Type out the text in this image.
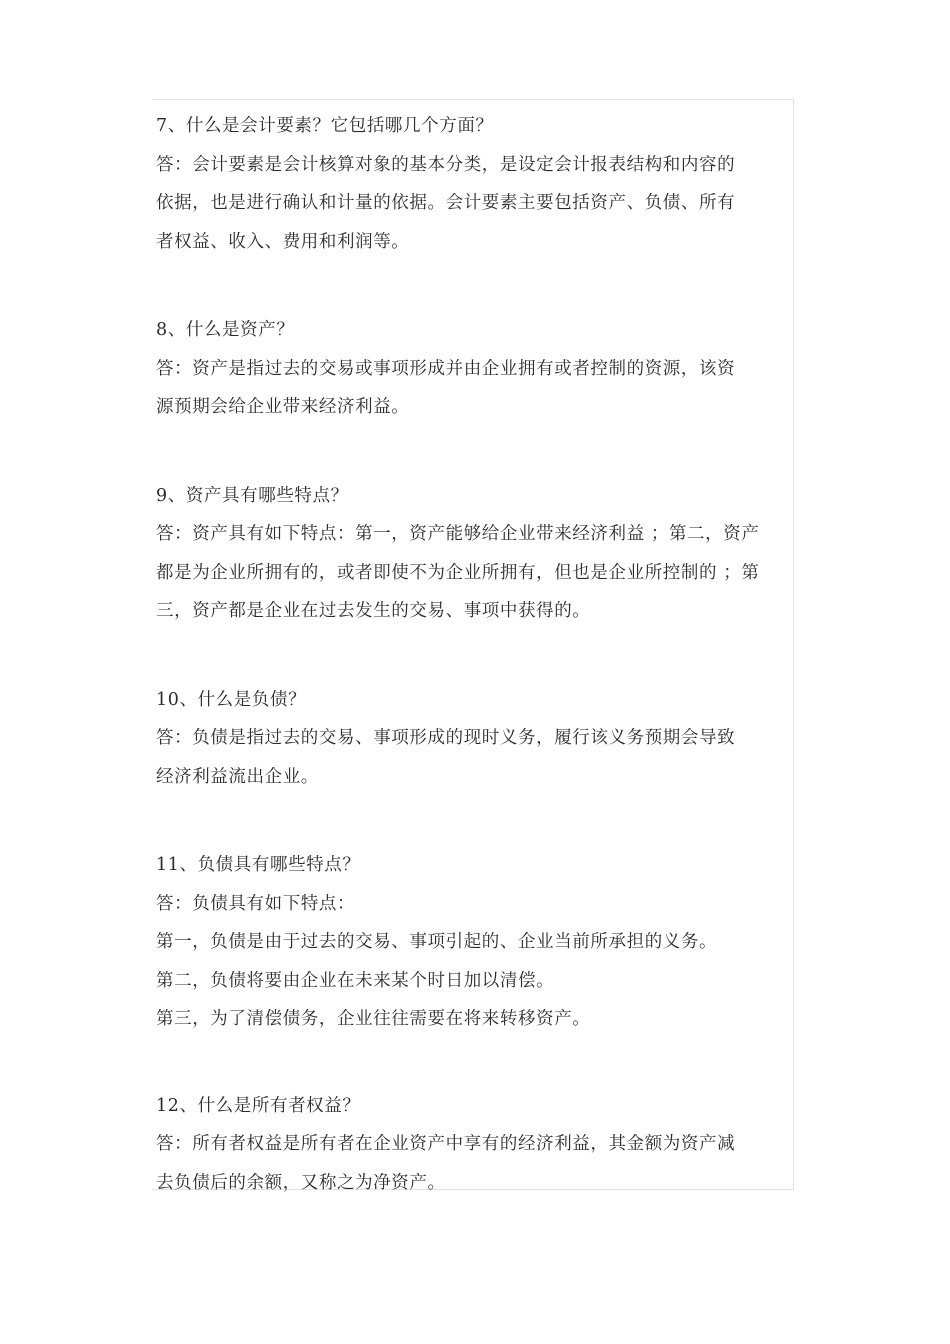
7、什么是会计要素？它包括哪几个方面？

答：会计要素是会计核算对象的基本分类，是设定会计报表结构和内容的

依据，也是进行确认和计量的依据。会计要素主要包括资产、负债、所有

者权益、收入、费用和利润等。

8、什么是资产？

答：资产是指过去的交易或事项形成并由企业拥有或者控制的资源，该资

源预期会给企业带来经济利益。

9、资产具有哪些特点？

答：资产具有如下特点：第一，资产能够给企业带来经济利益 ；第二，资产

都是为企业所拥有的，或者即使不为企业所拥有，但也是企业所控制的 ；第

三，资产都是企业在过去发生的交易、事项中获得的。

10、什么是负债？

答：负债是指过去的交易、事项形成的现时义务，履行该义务预期会导致

经济利益流出企业。

11、负债具有哪些特点？

答：负债具有如下特点：

第一，负债是由于过去的交易、事项引起的、企业当前所承担的义务。

第二，负债将要由企业在未来某个时日加以清偿。

第三，为了清偿债务，企业往往需要在将来转移资产。

12、什么是所有者权益？

答：所有者权益是所有者在企业资产中享有的经济利益，其金额为资产减

去负债后的余额，又称之为净资产。
